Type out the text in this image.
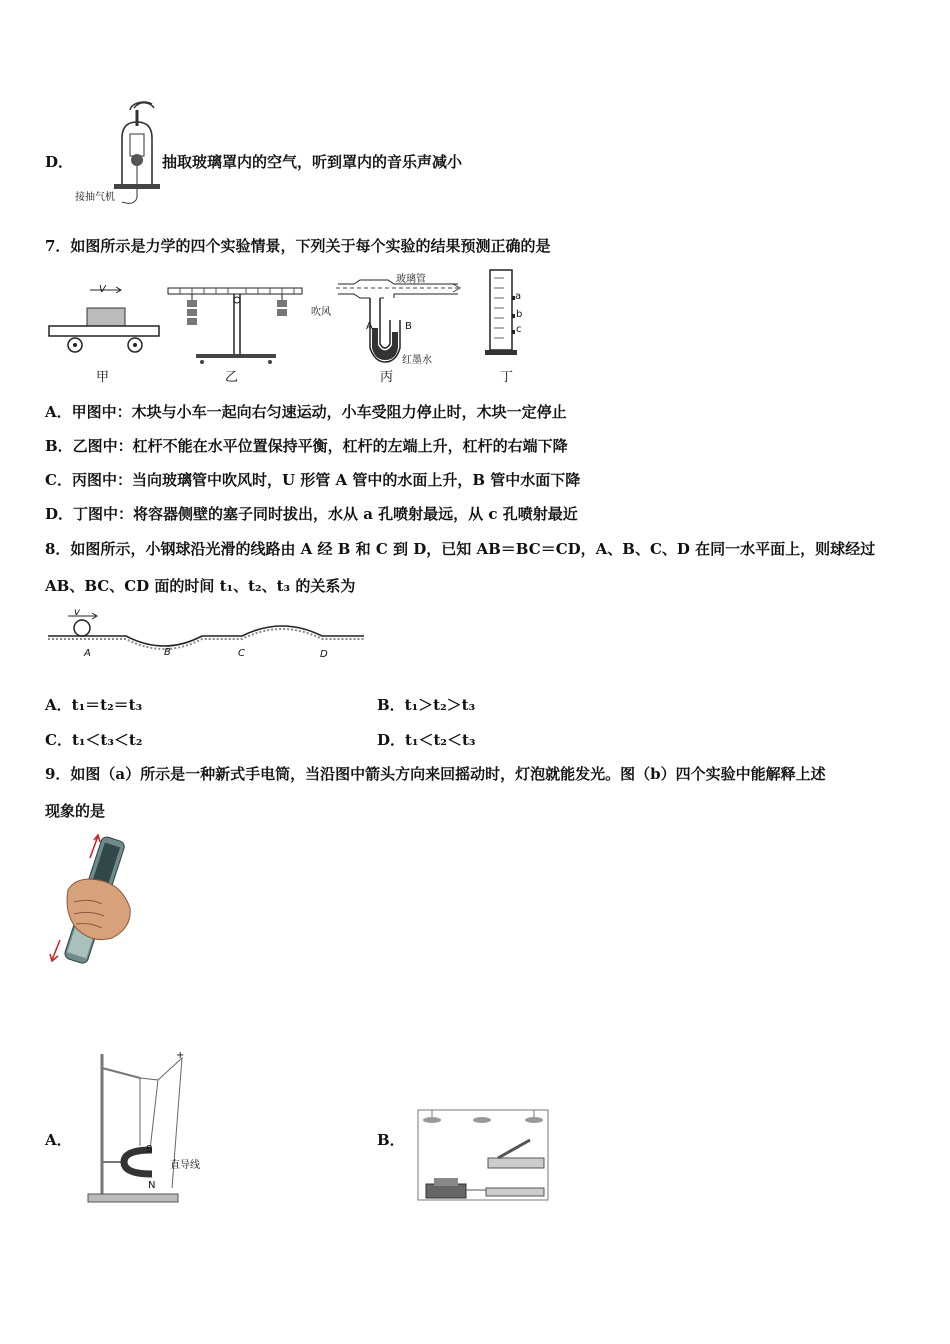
D．
接抽气机
抽取玻璃罩内的空气，听到罩内的音乐声减小
7．如图所示是力学的四个实验情景，下列关于每个实验的结果预测正确的是
V
甲	乙
玻璃管
吹风
A	B
红墨水
丙
a
b
c
丁
A．甲图中：木块与小车一起向右匀速运动，小车受阻力停止时，木块一定停止
B．乙图中：杠杆不能在水平位置保持平衡，杠杆的左端上升，杠杆的右端下降
C．丙图中：当向玻璃管中吹风时，U 形管 A 管中的水面上升，B 管中水面下降
D．丁图中：将容器侧壁的塞子同时拔出，水从 a 孔喷射最远，从 c 孔喷射最近
8．如图所示，小钢球沿光滑的线路由 A 经 B 和 C 到 D，已知 AB＝BC＝CD，A、B、C、D 在同一水平面上，则球经过
AB、BC、CD 面的时间 t₁、t₂、t₃ 的关系为
A	B	C	D
v
A．t₁＝t₂＝t₃	B．t₁＞t₂＞t₃
C．t₁＜t₃＜t₂	D．t₁＜t₂＜t₃
9．如图（a）所示是一种新式手电筒，当沿图中箭头方向来回摇动时，灯泡就能发光。图（b）四个实验中能解释上述
现象的是
A．
S
N
直导线
+
B．
